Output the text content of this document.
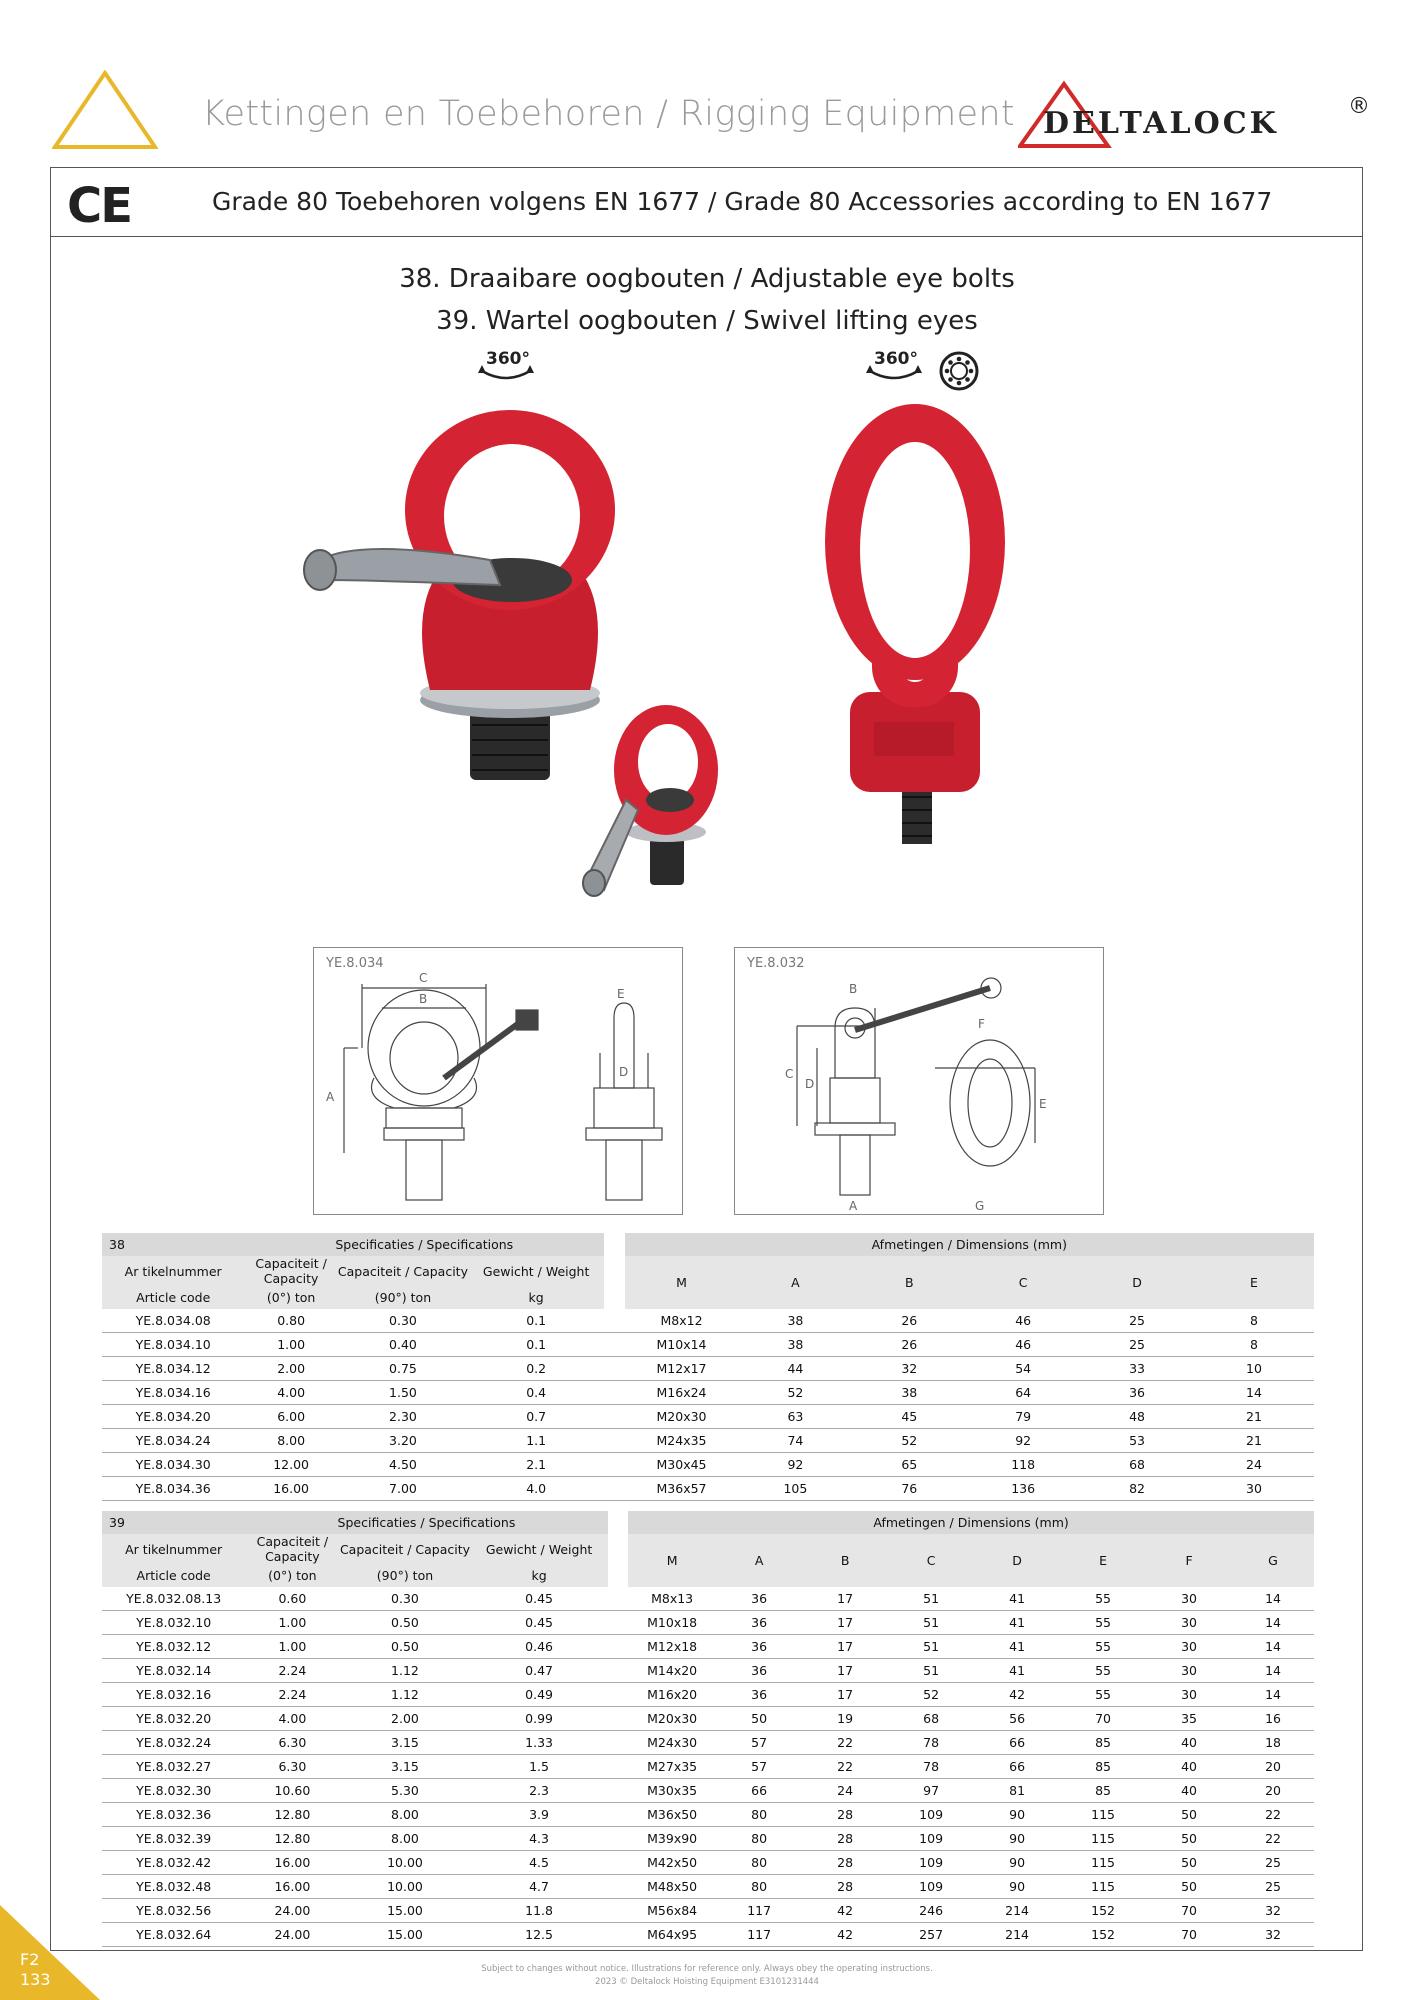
Kettingen en Toebehoren / Rigging Equipment DELTALOCK	®
CE	Grade 80 Toebehoren volgens EN 1677 / Grade 80 Accessories according to EN 1677
38. Draaibare oogbouten / Adjustable eye bolts
39. Wartel oogbouten / Swivel lifting eyes
360°	360°
YE.8.034
C
B
A
E
D
YE.8.032
B
F
C
D
E
A	G
38	Specificaties / Specifications				Afmetingen / Dimensions (mm)					
Ar tikelnummer	Capaciteit / Capacity	Capaciteit / Capacity	Gewicht / Weight		M	A	B	C	D	E
Article code	(0°) ton	(90°) ton	kg							
YE.8.034.08	0.80	0.30	0.1		M8x12	38	26	46	25	8
YE.8.034.10	1.00	0.40	0.1		M10x14	38	26	46	25	8
YE.8.034.12	2.00	0.75	0.2		M12x17	44	32	54	33	10
YE.8.034.16	4.00	1.50	0.4		M16x24	52	38	64	36	14
YE.8.034.20	6.00	2.30	0.7		M20x30	63	45	79	48	21
YE.8.034.24	8.00	3.20	1.1		M24x35	74	52	92	53	21
YE.8.034.30	12.00	4.50	2.1		M30x45	92	65	118	68	24
YE.8.034.36	16.00	7.00	4.0		M36x57	105	76	136	82	30
39	Specificaties / Specifications				Afmetingen / Dimensions (mm)							
Ar tikelnummer	Capaciteit / Capacity	Capaciteit / Capacity	Gewicht / Weight		M	A	B	C	D	E	F	G
Article code	(0°) ton	(90°) ton	kg									
YE.8.032.08.13	0.60	0.30	0.45		M8x13	36	17	51	41	55	30	14
YE.8.032.10	1.00	0.50	0.45		M10x18	36	17	51	41	55	30	14
YE.8.032.12	1.00	0.50	0.46		M12x18	36	17	51	41	55	30	14
YE.8.032.14	2.24	1.12	0.47		M14x20	36	17	51	41	55	30	14
YE.8.032.16	2.24	1.12	0.49		M16x20	36	17	52	42	55	30	14
YE.8.032.20	4.00	2.00	0.99		M20x30	50	19	68	56	70	35	16
YE.8.032.24	6.30	3.15	1.33		M24x30	57	22	78	66	85	40	18
YE.8.032.27	6.30	3.15	1.5		M27x35	57	22	78	66	85	40	20
YE.8.032.30	10.60	5.30	2.3		M30x35	66	24	97	81	85	40	20
YE.8.032.36	12.80	8.00	3.9		M36x50	80	28	109	90	115	50	22
YE.8.032.39	12.80	8.00	4.3		M39x90	80	28	109	90	115	50	22
YE.8.032.42	16.00	10.00	4.5		M42x50	80	28	109	90	115	50	25
YE.8.032.48	16.00	10.00	4.7		M48x50	80	28	109	90	115	50	25
YE.8.032.56	24.00	15.00	11.8		M56x84	117	42	246	214	152	70	32
YE.8.032.64	24.00	15.00	12.5		M64x95	117	42	257	214	152	70	32
F2
133
Subject to changes without notice. Illustrations for reference only. Always obey the operating instructions.
2023 © Deltalock Hoisting Equipment E3101231444
